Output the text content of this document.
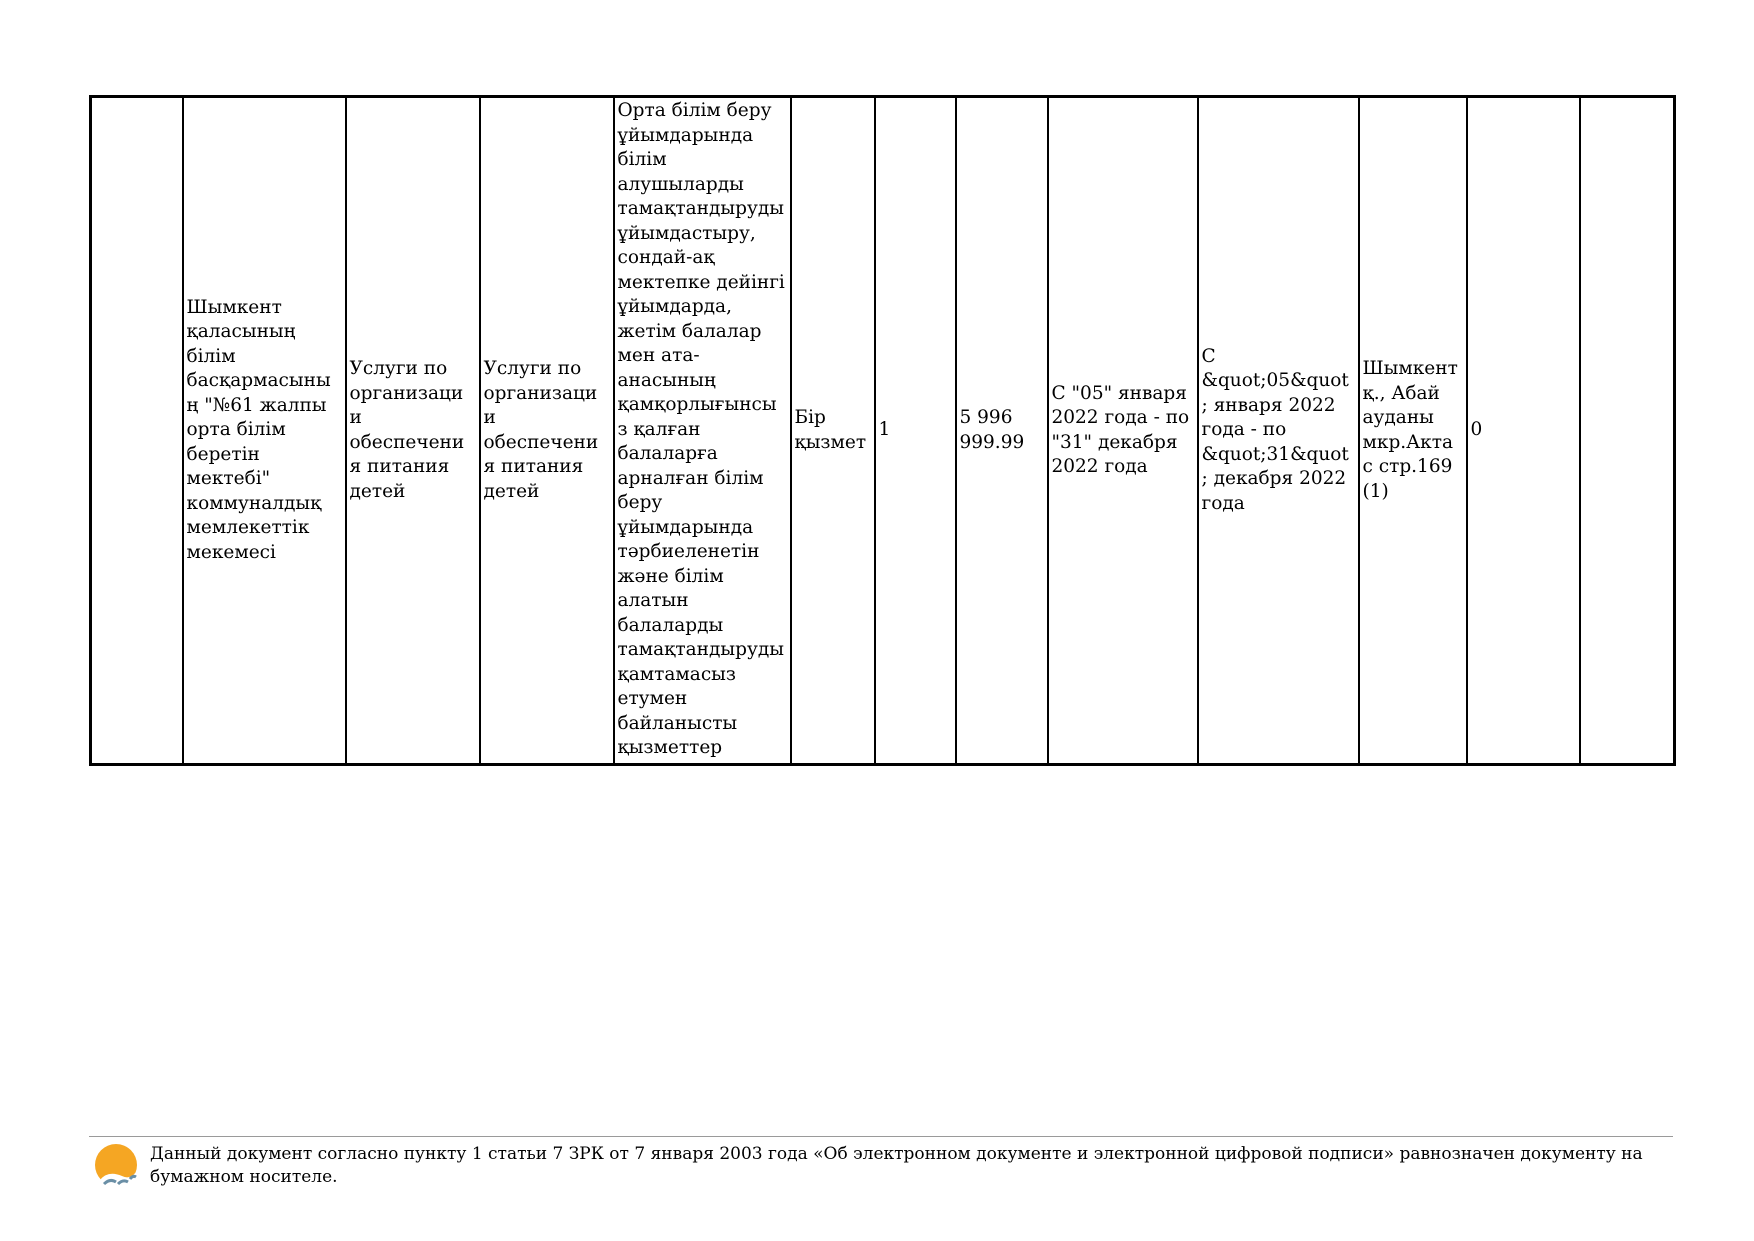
	Шымкент қаласының білім басқармасының "№61 жалпы орта білім беретін мектебі" коммуналдық мемлекеттік мекемесі	Услуги по организации обеспечения питания детей	Услуги по организации обеспечения питания детей	Орта білім беру ұйымдарында білім алушыларды тамақтандыруды ұйымдастыру, сондай-ақ мектепке дейінгі ұйымдарда, жетім балалар мен ата-анасының қамқорлығынсыз қалған балаларға арналған білім беру ұйымдарында тәрбиеленетін және білім алатын балаларды тамақтандыруды қамтамасыз етумен байланысты қызметтер	Бір қызмет	1	5 996 999.99	С "05" января 2022 года - по "31" декабря 2022 года	С &quot;05&quot; января 2022 года - по &quot;31&quot; декабря 2022 года	Шымкент қ., Абай ауданы мкр.Актас стр.169 (1)	0		
Данный документ согласно пункту 1 статьи 7 ЗРК от 7 января 2003 года «Об электронном документе и электронной цифровой подписи» равнозначен документу на бумажном носителе.
